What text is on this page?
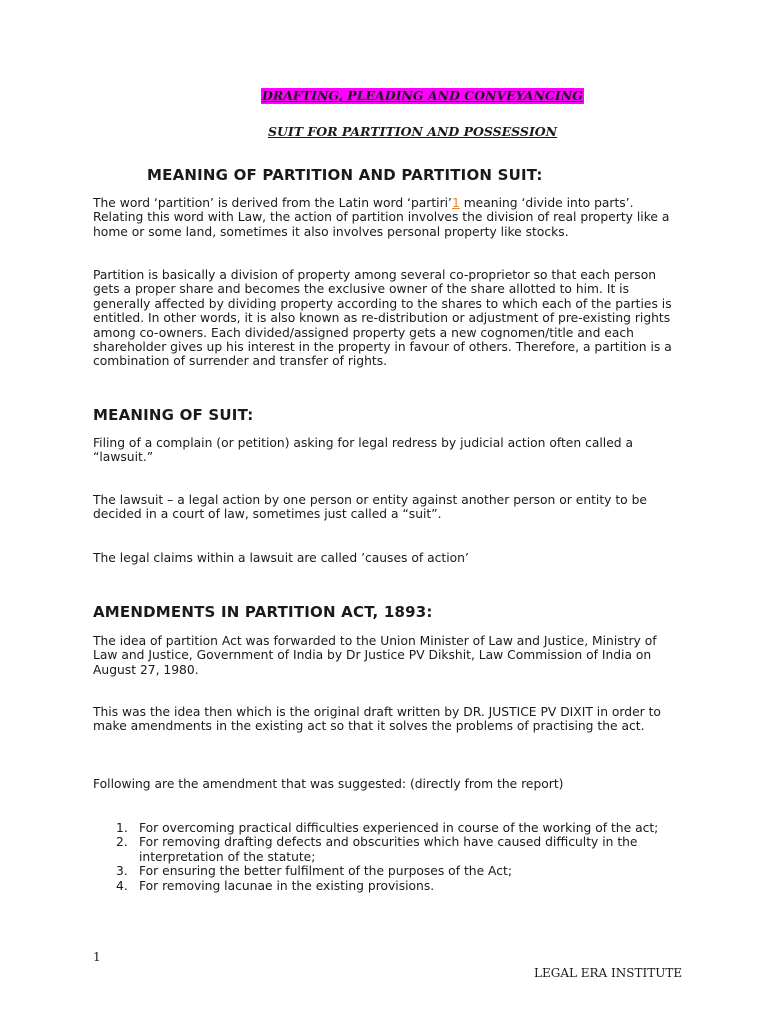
DRAFTING, PLEADING AND CONVEYANCING
SUIT FOR PARTITION AND POSSESSION
MEANING OF PARTITION AND PARTITION SUIT:

The word ‘partition’ is derived from the Latin word ‘partiri’1 meaning ‘divide into parts’. Relating this word with Law, the action of partition involves the division of real property like a home or some land, sometimes it also involves personal property like stocks.

Partition is basically a division of property among several co-proprietor so that each person gets a proper share and becomes the exclusive owner of the share allotted to him. It is generally affected by dividing property according to the shares to which each of the parties is entitled. In other words, it is also known as re-distribution or adjustment of pre-existing rights among co-owners. Each divided/assigned property gets a new cognomen/title and each shareholder gives up his interest in the property in favour of others. Therefore, a partition is a combination of surrender and transfer of rights.

MEANING OF SUIT:

Filing of a complain (or petition) asking for legal redress by judicial action often called a “lawsuit.”

The lawsuit – a legal action by one person or entity against another person or entity to be decided in a court of law, sometimes just called a “suit”.

The legal claims within a lawsuit are called ’causes of action’

AMENDMENTS IN PARTITION ACT, 1893:

The idea of partition Act was forwarded to the Union Minister of Law and Justice, Ministry of Law and Justice, Government of India by Dr Justice PV Dikshit, Law Commission of India on August 27, 1980.

This was the idea then which is the original draft written by DR. JUSTICE PV DIXIT in order to make amendments in the existing act so that it solves the problems of practising the act.

Following are the amendment that was suggested: (directly from the report)

1. For overcoming practical difficulties experienced in course of the working of the act;
2. For removing drafting defects and obscurities which have caused difficulty in the interpretation of the statute;
3. For ensuring the better fulfilment of the purposes of the Act;
4. For removing lacunae in the existing provisions.
1
LEGAL ERA INSTITUTE
